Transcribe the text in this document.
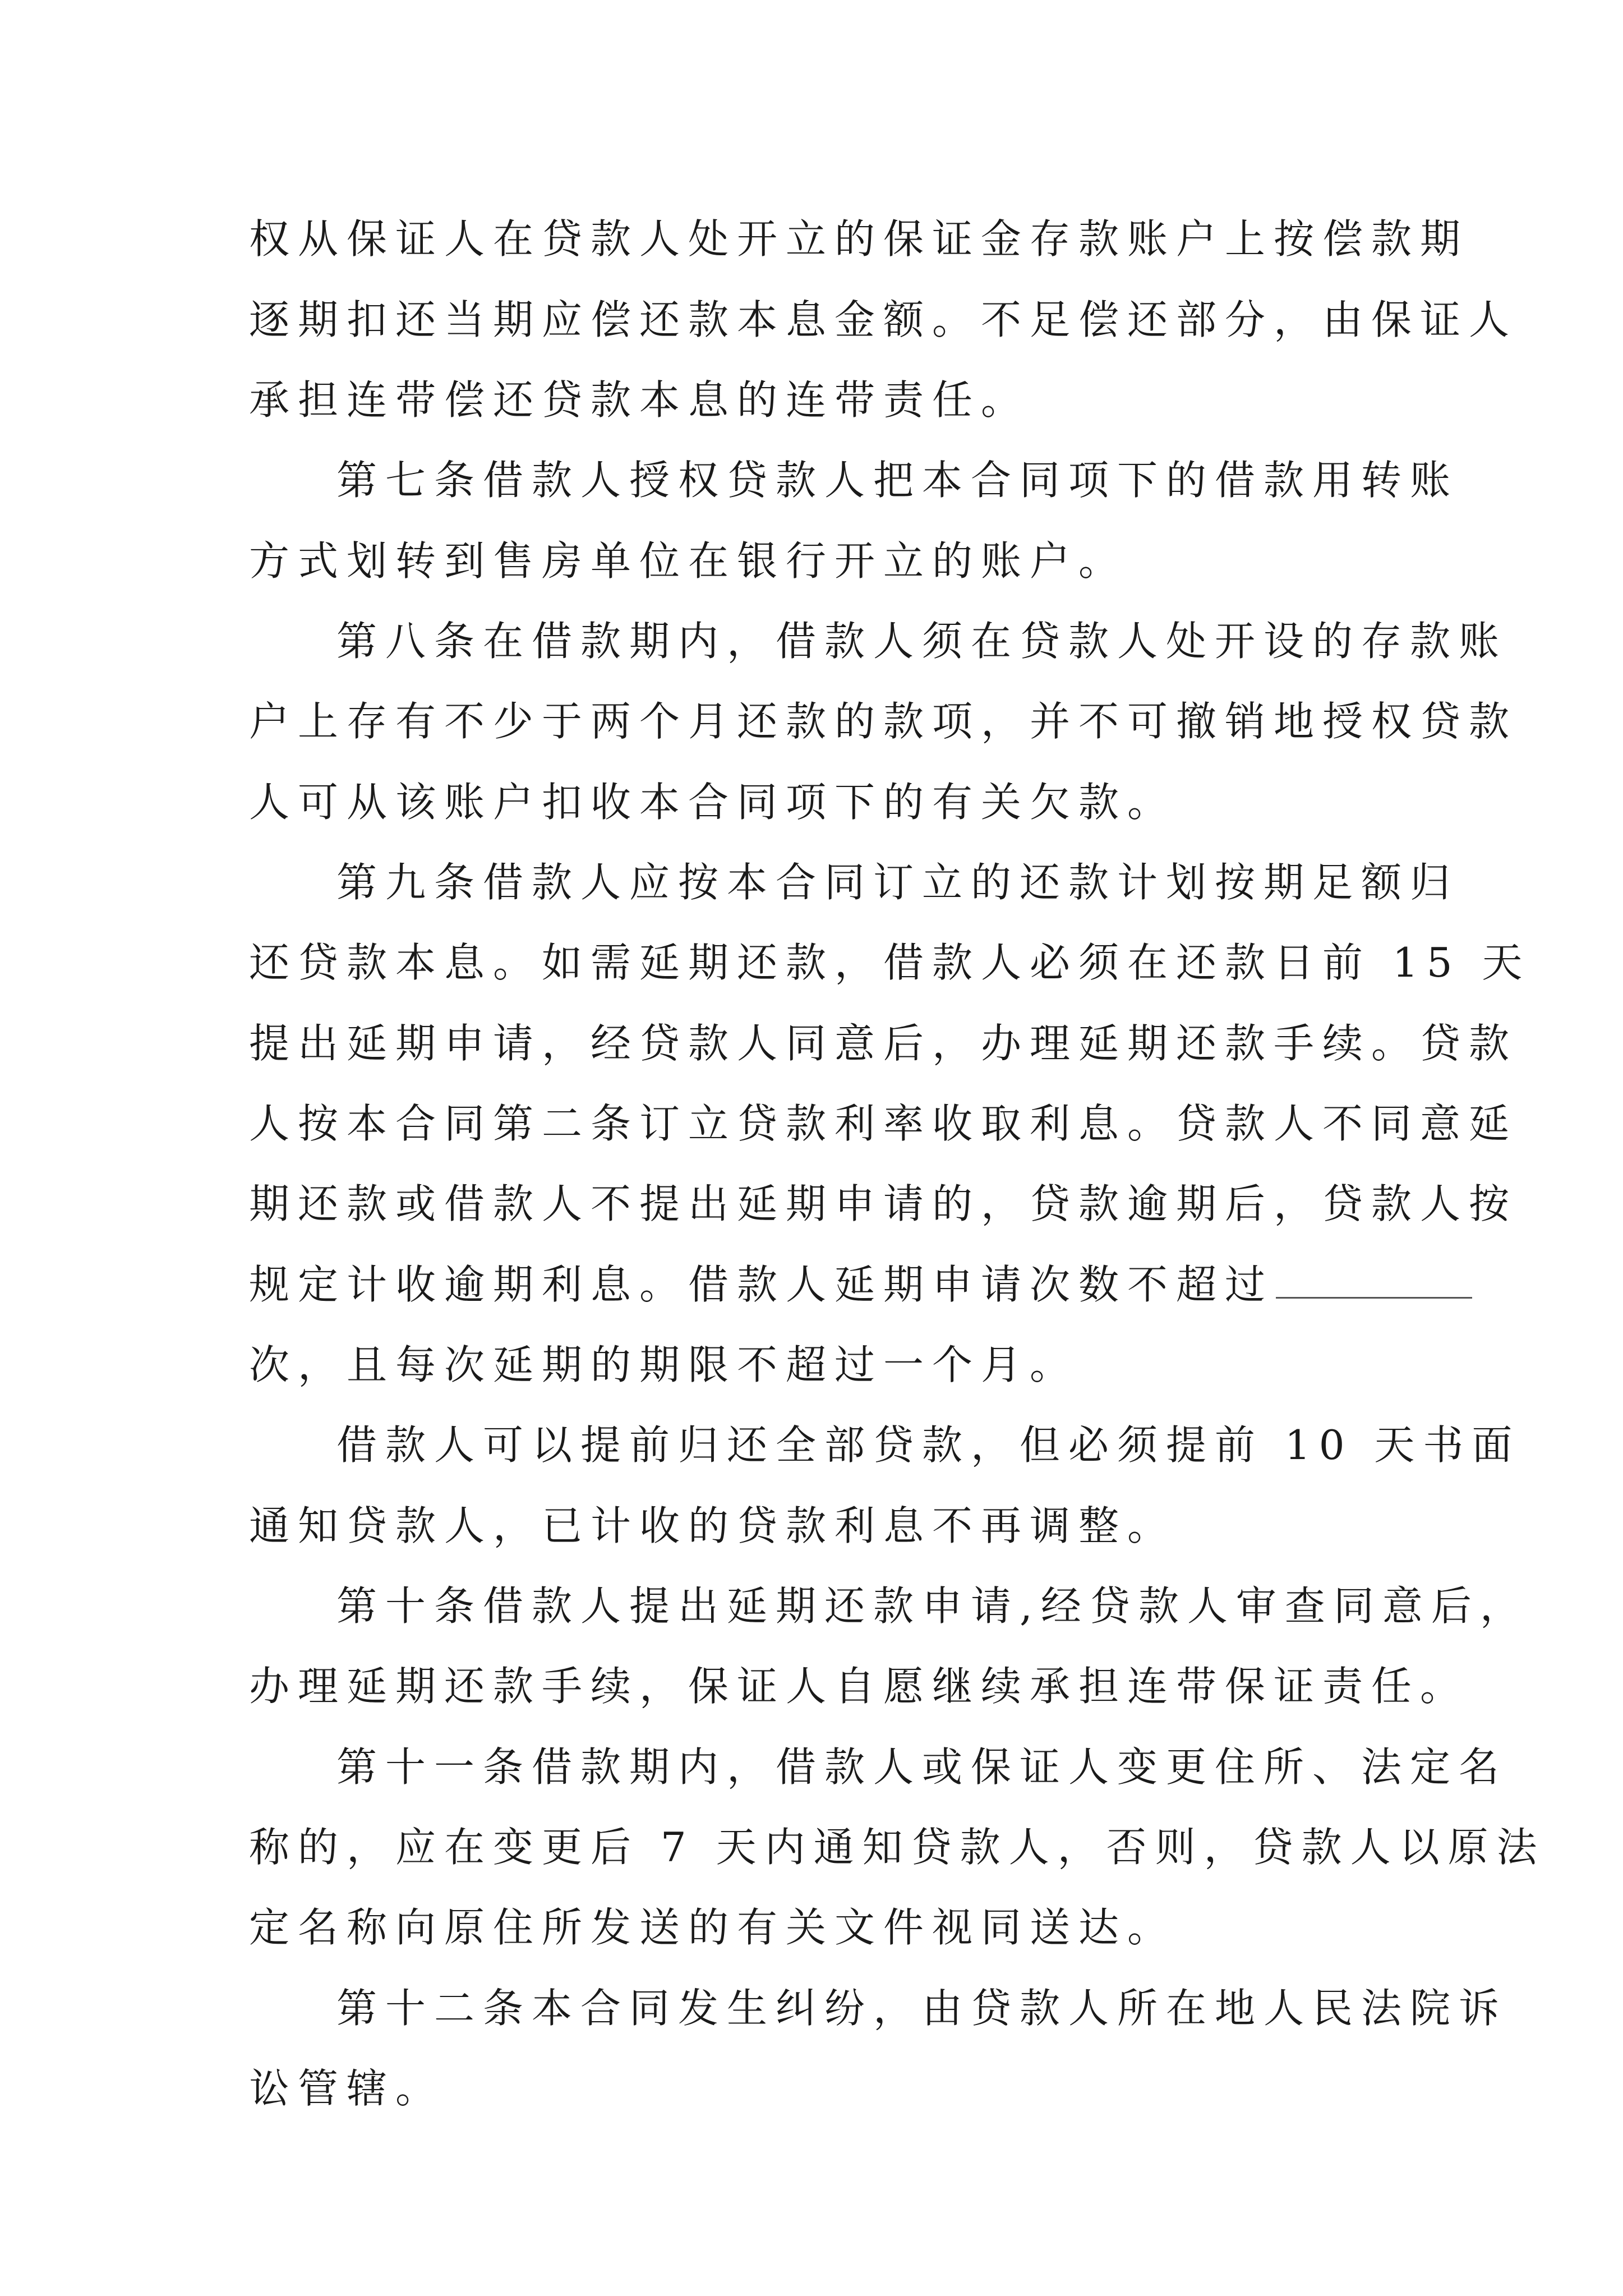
权从保证人在贷款人处开立的保证金存款账户上按偿款期
逐期扣还当期应偿还款本息金额。不足偿还部分，由保证人
承担连带偿还贷款本息的连带责任。
第七条借款人授权贷款人把本合同项下的借款用转账
方式划转到售房单位在银行开立的账户。
第八条在借款期内，借款人须在贷款人处开设的存款账
户上存有不少于两个月还款的款项，并不可撤销地授权贷款
人可从该账户扣收本合同项下的有关欠款。
第九条借款人应按本合同订立的还款计划按期足额归
还贷款本息。如需延期还款，借款人必须在还款日前 15 天
提出延期申请，经贷款人同意后，办理延期还款手续。贷款
人按本合同第二条订立贷款利率收取利息。贷款人不同意延
期还款或借款人不提出延期申请的，贷款逾期后，贷款人按
规定计收逾期利息。借款人延期申请次数不超过
次，且每次延期的期限不超过一个月。
借款人可以提前归还全部贷款，但必须提前 10 天书面
通知贷款人，已计收的贷款利息不再调整。
第十条借款人提出延期还款申请,经贷款人审查同意后，
办理延期还款手续，保证人自愿继续承担连带保证责任。
第十一条借款期内，借款人或保证人变更住所、法定名
称的，应在变更后 7 天内通知贷款人，否则，贷款人以原法
定名称向原住所发送的有关文件视同送达。
第十二条本合同发生纠纷，由贷款人所在地人民法院诉
讼管辖。
